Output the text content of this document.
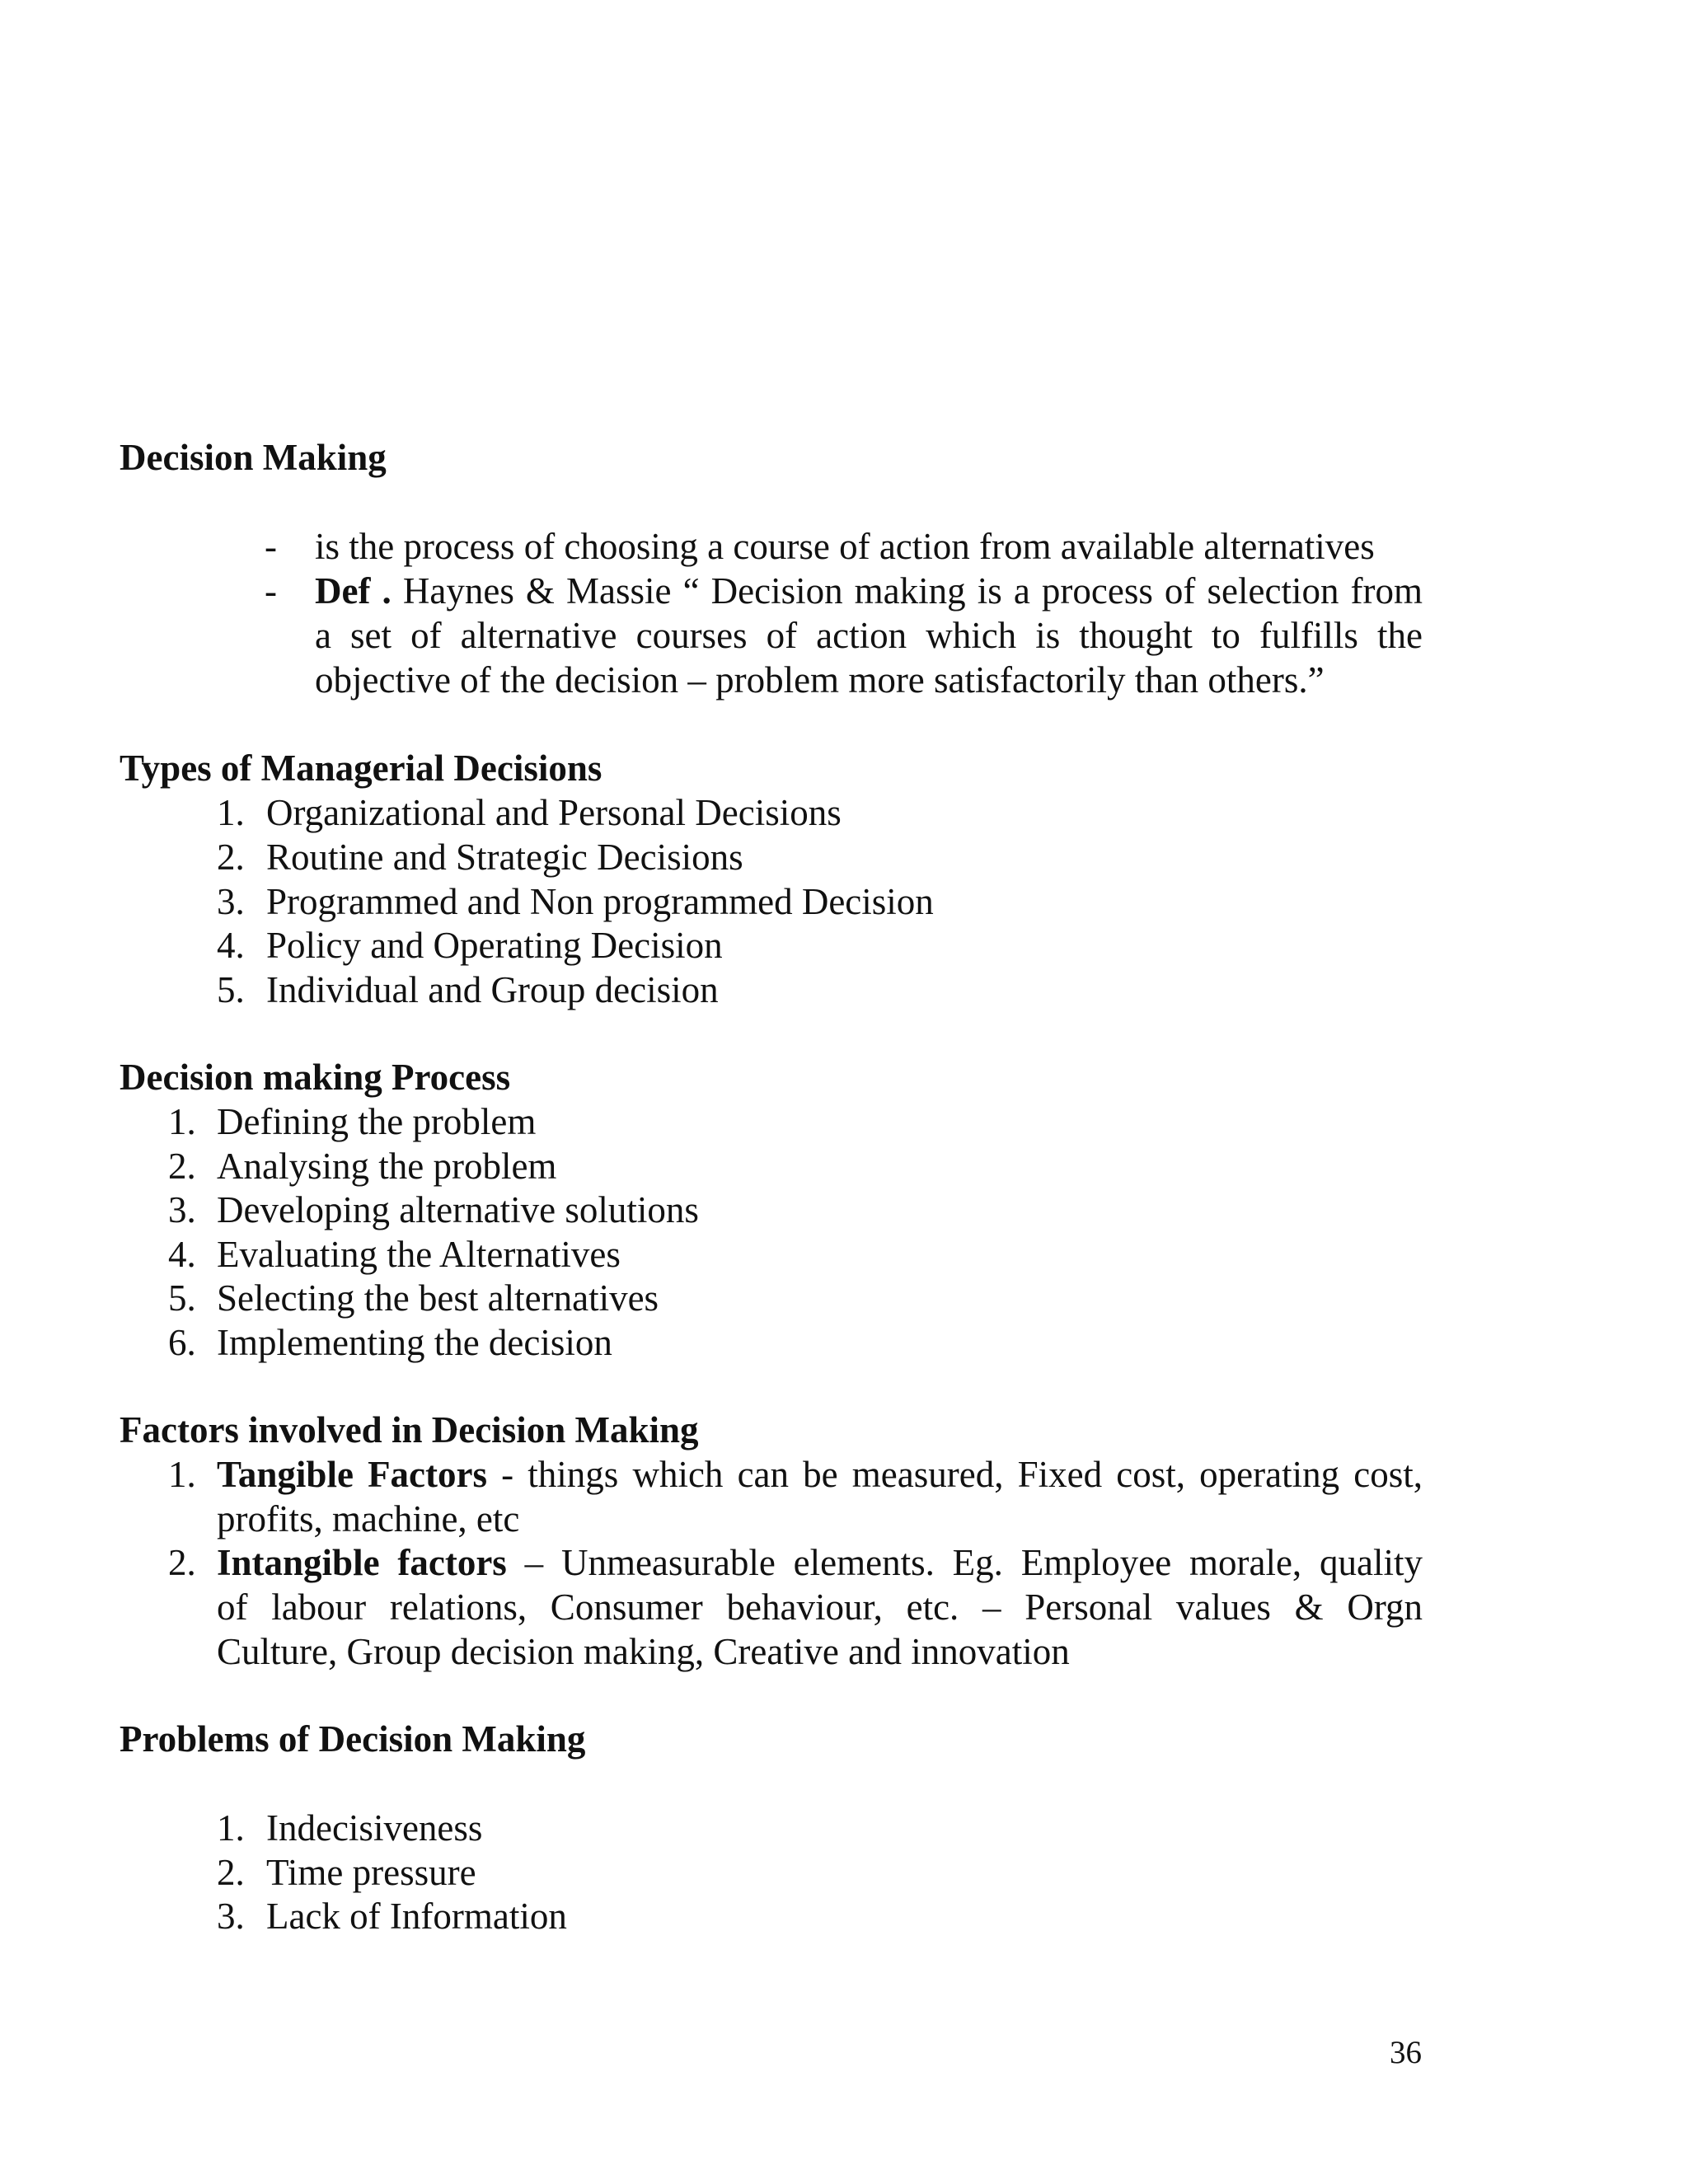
Decision Making
- is the process of choosing a course of action from available alternatives
- Def . Haynes & Massie “ Decision making is a process of selection from
a set of alternative courses of action which is thought to fulfills the
objective of the decision – problem more satisfactorily than others.”
Types of Managerial Decisions
1. Organizational and Personal Decisions
2. Routine and Strategic Decisions
3. Programmed and Non programmed Decision
4. Policy and Operating Decision
5. Individual and Group decision
Decision making Process
1. Defining the problem
2. Analysing the problem
3. Developing alternative solutions
4. Evaluating the Alternatives
5. Selecting the best alternatives
6. Implementing the decision
Factors involved in Decision Making
1. Tangible Factors - things which can be measured, Fixed cost, operating cost,
profits, machine, etc
2. Intangible factors – Unmeasurable elements. Eg. Employee morale, quality
of labour relations, Consumer behaviour, etc. – Personal values & Orgn
Culture, Group decision making, Creative and innovation
Problems of Decision Making
1. Indecisiveness
2. Time pressure
3. Lack of Information
36
